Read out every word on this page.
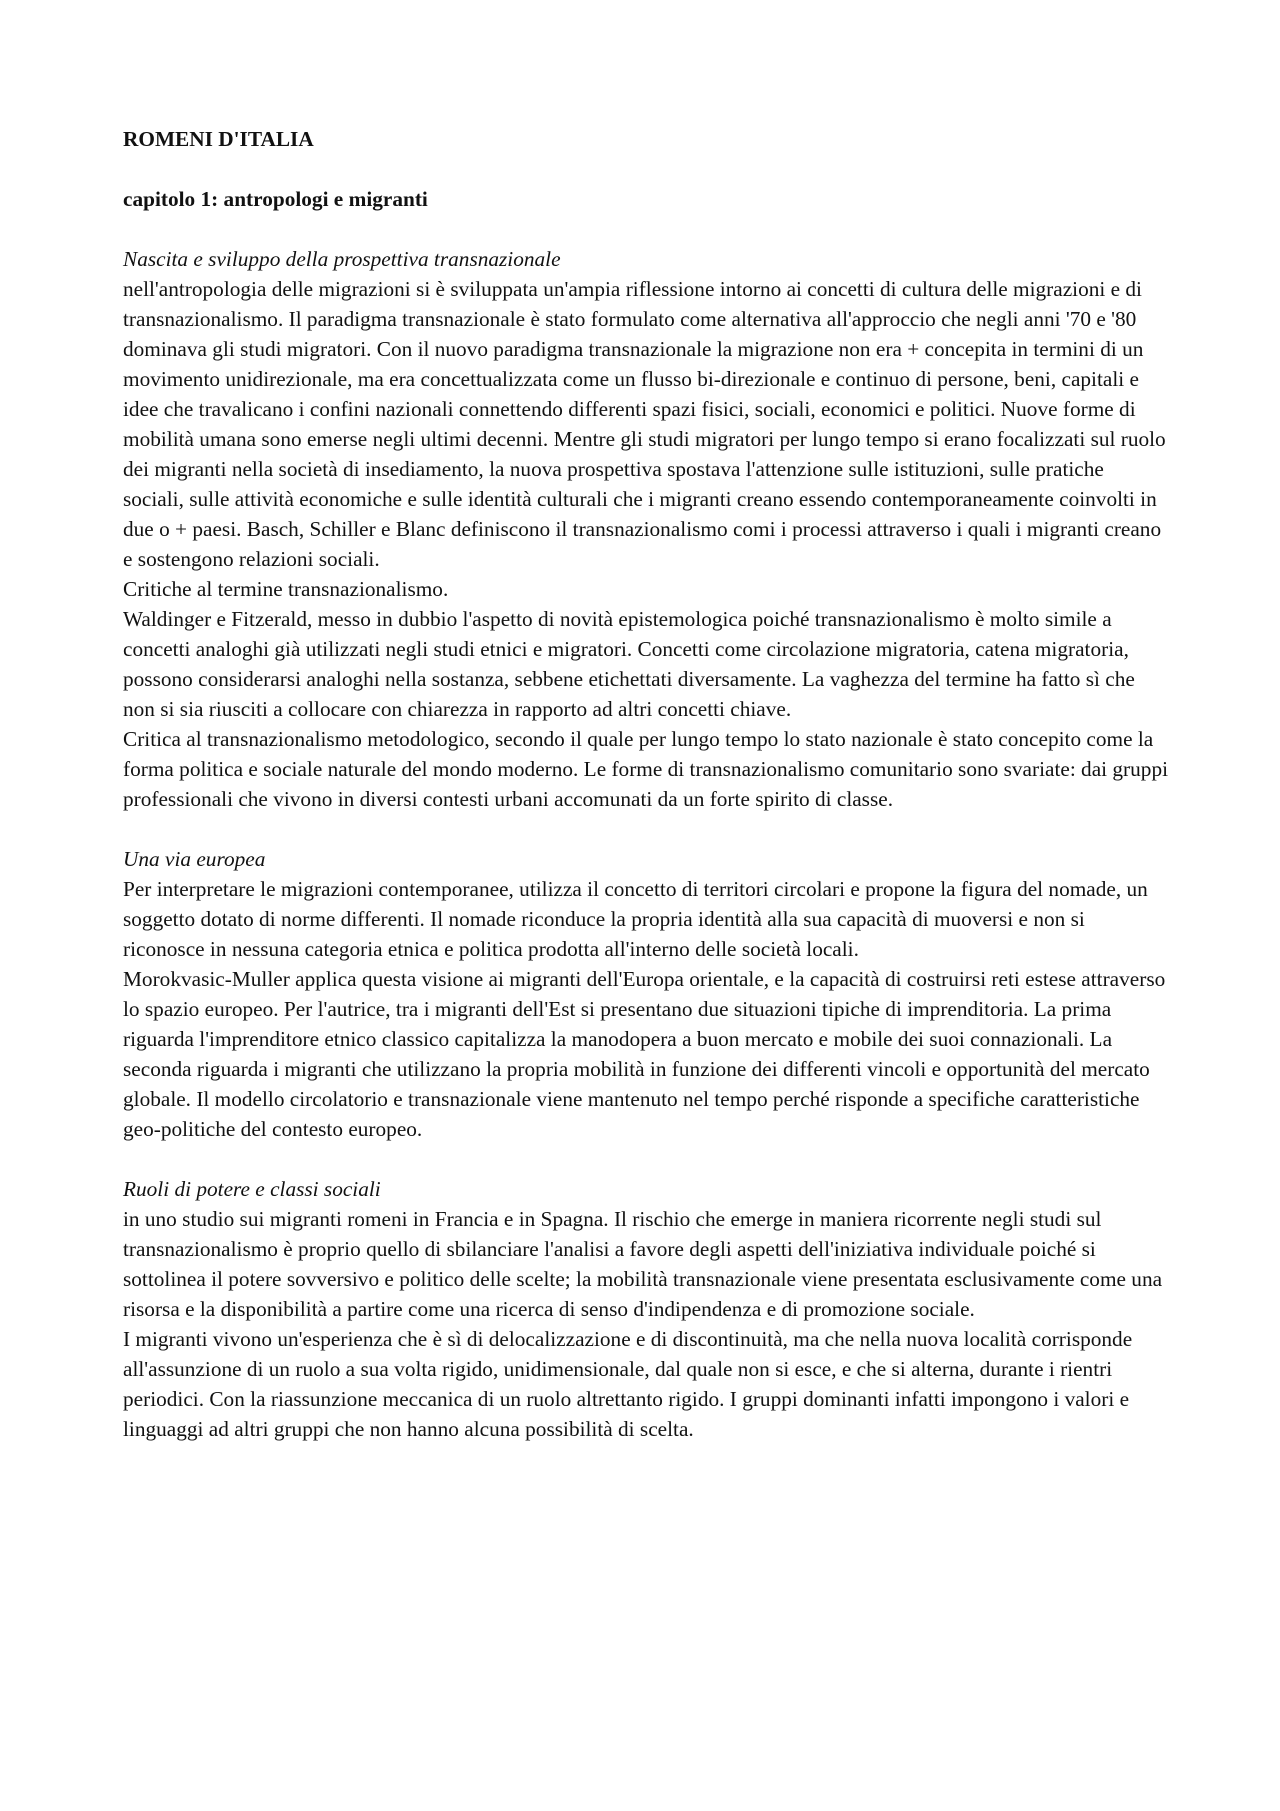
ROMENI D'ITALIA

capitolo 1: antropologi e migranti

Nascita e sviluppo della prospettiva transnazionale

nell'antropologia delle migrazioni si è sviluppata un'ampia riflessione intorno ai concetti di cultura delle migrazioni e di transnazionalismo. Il paradigma transnazionale è stato formulato come alternativa all'approccio che negli anni '70 e '80 dominava gli studi migratori. Con il nuovo paradigma transnazionale la migrazione non era + concepita in termini di un movimento unidirezionale, ma era concettualizzata come un flusso bi-direzionale e continuo di persone, beni, capitali e idee che travalicano i confini nazionali connettendo differenti spazi fisici, sociali, economici e politici. Nuove forme di mobilità umana sono emerse negli ultimi decenni. Mentre gli studi migratori per lungo tempo si erano focalizzati sul ruolo dei migranti nella società di insediamento, la nuova prospettiva spostava l'attenzione sulle istituzioni, sulle pratiche sociali, sulle attività economiche e sulle identità culturali che i migranti creano essendo contemporaneamente coinvolti in due o + paesi. Basch, Schiller e Blanc definiscono il transnazionalismo comi i processi attraverso i quali i migranti creano e sostengono relazioni sociali.

Critiche al termine transnazionalismo.

Waldinger e Fitzerald, messo in dubbio l'aspetto di novità epistemologica poiché transnazionalismo è molto simile a concetti analoghi già utilizzati negli studi etnici e migratori. Concetti come circolazione migratoria, catena migratoria, possono considerarsi analoghi nella sostanza, sebbene etichettati diversamente. La vaghezza del termine ha fatto sì che non si sia riusciti a collocare con chiarezza in rapporto ad altri concetti chiave.

Critica al transnazionalismo metodologico, secondo il quale per lungo tempo lo stato nazionale è stato concepito come la forma politica e sociale naturale del mondo moderno. Le forme di transnazionalismo comunitario sono svariate: dai gruppi professionali che vivono in diversi contesti urbani accomunati da un forte spirito di classe.

Una via europea

Per interpretare le migrazioni contemporanee, utilizza il concetto di territori circolari e propone la figura del nomade, un soggetto dotato di norme differenti. Il nomade riconduce la propria identità alla sua capacità di muoversi e non si riconosce in nessuna categoria etnica e politica prodotta all'interno delle società locali.

Morokvasic-Muller applica questa visione ai migranti dell'Europa orientale, e la capacità di costruirsi reti estese attraverso lo spazio europeo. Per l'autrice, tra i migranti dell'Est si presentano due situazioni tipiche di imprenditoria. La prima riguarda l'imprenditore etnico classico capitalizza la manodopera a buon mercato e mobile dei suoi connazionali. La seconda riguarda i migranti che utilizzano la propria mobilità in funzione dei differenti vincoli e opportunità del mercato globale. Il modello circolatorio e transnazionale viene mantenuto nel tempo perché risponde a specifiche caratteristiche geo-politiche del contesto europeo.

Ruoli di potere e classi sociali

in uno studio sui migranti romeni in Francia e in Spagna. Il rischio che emerge in maniera ricorrente negli studi sul transnazionalismo è proprio quello di sbilanciare l'analisi a favore degli aspetti dell'iniziativa individuale poiché si sottolinea il potere sovversivo e politico delle scelte; la mobilità transnazionale viene presentata esclusivamente come una risorsa e la disponibilità a partire come una ricerca di senso d'indipendenza e di promozione sociale.

I migranti vivono un'esperienza che è sì di delocalizzazione e di discontinuità, ma che nella nuova località corrisponde all'assunzione di un ruolo a sua volta rigido, unidimensionale, dal quale non si esce, e che si alterna, durante i rientri periodici. Con la riassunzione meccanica di un ruolo altrettanto rigido. I gruppi dominanti infatti impongono i valori e linguaggi ad altri gruppi che non hanno alcuna possibilità di scelta.
